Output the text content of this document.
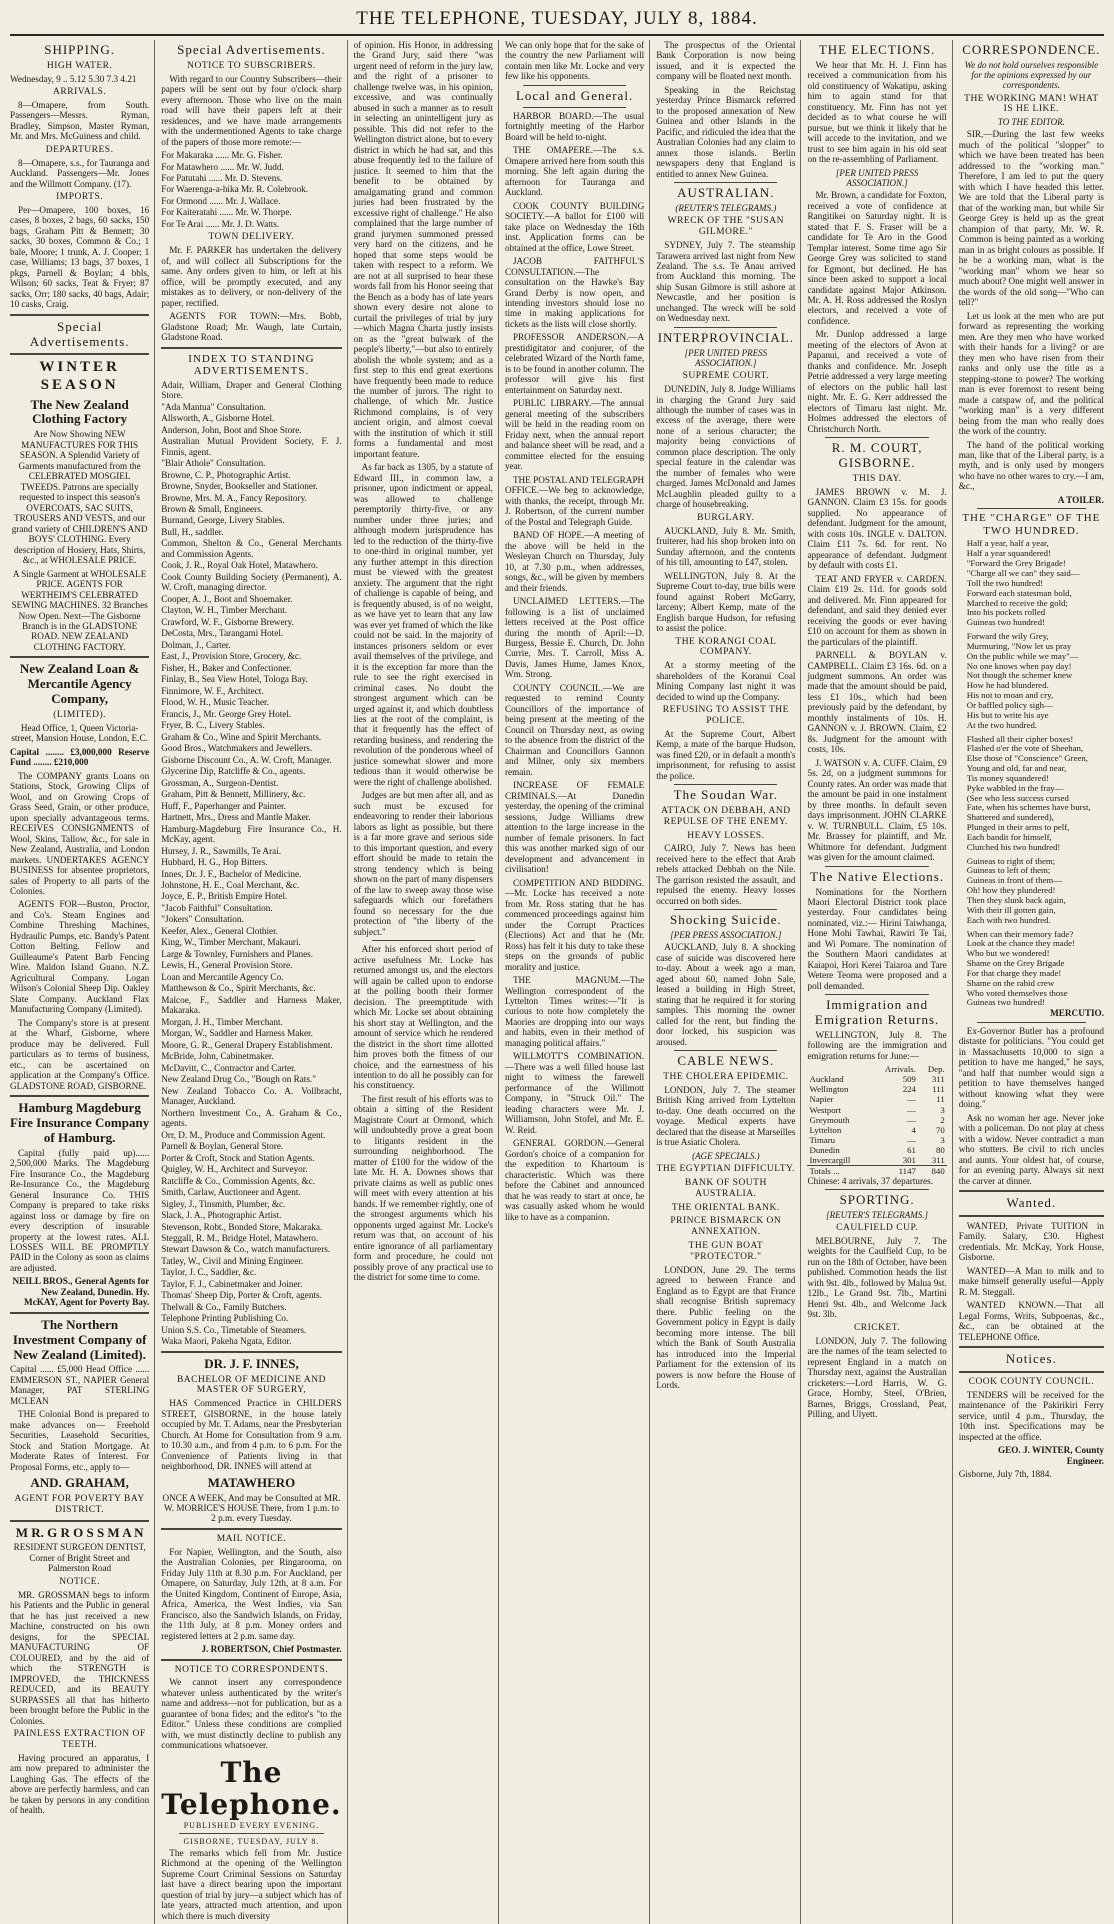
THE TELEPHONE, TUESDAY, JULY 8, 1884.
SHIPPING.
HIGH WATER.

Wednesday, 9 .. 5.12 5.30 7.3 4.21

ARRIVALS.

8—Omapere, from South. Passengers—Messrs. Ryman, Bradley, Simpson, Master Ryman, Mr. and Mrs. McGuiness and child.

DEPARTURES.

8—Omapere, s.s., for Tauranga and Auckland. Passengers—Mr. Jones and the Willmott Company. (17).

IMPORTS.

Per—Omapere, 100 boxes, 16 cases, 8 boxes, 2 bags, 60 sacks, 150 bags, Graham Pitt & Bennett; 30 sacks, 30 boxes, Common & Co.; 1 bale, Moore; 1 trunk, A. J. Cooper; 1 case, Williams; 13 bags, 37 boxes, 1 pkgs, Parnell & Boylan; 4 bbls, Wilson; 60 sacks, Teat & Fryer; 87 sacks, Orr; 180 sacks, 40 bags, Adair; 10 casks, Craig.

Special Advertisements.
WINTER SEASON
The New Zealand Clothing Factory

Are Now Showing NEW MANUFACTURES FOR THIS SEASON. A Splendid Variety of Garments manufactured from the CELEBRATED MOSGIEL TWEEDS. Patrons are specially requested to inspect this season's OVERCOATS, SAC SUITS, TROUSERS AND VESTS, and our grand variety of CHILDREN'S AND BOYS' CLOTHING. Every description of Hosiery, Hats, Shirts, &c., at WHOLESALE PRICE.

A Single Garment at WHOLESALE PRICE. AGENTS FOR WERTHEIM'S CELEBRATED SEWING MACHINES. 32 Branches Now Open. Next—The Gisborne Branch is in the GLADSTONE ROAD. NEW ZEALAND CLOTHING FACTORY.

New Zealand Loan & Mercantile Agency Company,
(LIMITED).

Head Office, 1, Queen Victoria-street, Mansion House, London, E.C.

Capital ........ £3,000,000 Reserve Fund ........ £210,000

The COMPANY grants Loans on Stations, Stock, Growing Clips of Wool, and on Growing Crops of Grass Seed, Grain, or other produce, upon specially advantageous terms. RECEIVES CONSIGNMENTS of Wool, Skins, Tallow, &c., for sale in New Zealand, Australia, and London markets. UNDERTAKES AGENCY BUSINESS for absentee proprietors, sales of Property to all parts of the Colonies.

AGENTS FOR—Buston, Proctor, and Co's. Steam Engines and Combine Threshing Machines, Hydraulic Pumps, etc. Bandy's Patent Cotton Belting. Fellow and Guilleaume's Patent Barb Fencing Wire. Maldon Island Guano. N.Z. Agricultural Company. Logan Wilson's Colonial Sheep Dip. Oakley Slate Company. Auckland Flax Manufacturing Company (Limited).

The Company's store is at present at the Wharf, Gisborne, where produce may be delivered. Full particulars as to terms of business, etc., can be ascertained on application at the Company's Office. GLADSTONE ROAD, GISBORNE.

Hamburg Magdeburg Fire Insurance Company of Hamburg.

Capital (fully paid up)...... 2,500,000 Marks. The Magdeburg Fire Insurance Co., the Magdeburg Re-Insurance Co., the Magdeburg General Insurance Co. THIS Company is prepared to take risks against loss or damage by fire on every description of insurable property at the lowest rates. ALL LOSSES WILL BE PROMPTLY PAID in the Colony as soon as claims are adjusted.

NEILL BROS., General Agents for New Zealand, Dunedin. Hy. McKAY, Agent for Poverty Bay.

The Northern Investment Company of New Zealand (Limited).

Capital ...... £5,000 Head Office ...... EMMERSON ST., NAPIER General Manager, PAT STERLING MCLEAN

THE Colonial Bond is prepared to make advances on— Freehold Securities, Leasehold Securities, Stock and Station Mortgage. At Moderate Rates of Interest. For Proposal Forms, etc., apply to—

AND. GRAHAM,
AGENT FOR POVERTY BAY DISTRICT.
M R. G R O S S M A N

RESIDENT SURGEON DENTIST, Corner of Bright Street and Palmerston Road

NOTICE.

MR. GROSSMAN begs to inform his Patients and the Public in general that he has just received a new Machine, constructed on his own designs, for the SPECIAL MANUFACTURING OF COLOURED, and by the aid of which the STRENGTH is IMPROVED, the THICKNESS REDUCED, and its BEAUTY SURPASSES all that has hitherto been brought before the Public in the Colonies.

PAINLESS EXTRACTION OF TEETH.

Having procured an apparatus, I am now prepared to administer the Laughing Gas. The effects of the above are perfectly harmless, and can be taken by persons in any condition of health.

Special Advertisements.
NOTICE TO SUBSCRIBERS.

With regard to our Country Subscribers—their papers will be sent out by four o'clock sharp every afternoon. Those who live on the main road will have their papers left at their residences, and we have made arrangements with the undermentioned Agents to take charge of the papers of those more remote:—

For Makaraka ...... Mr. G. Fisher.
For Matawhero ...... Mr. W. Judd.
For Patutahi ...... Mr. D. Stevens.
For Waerenga-a-hika Mr. R. Colebrook.
For Ormond ...... Mr. J. Wallace.
For Kaiteratahi ...... Mr. W. Thorpe.
For Te Arai ...... Mr. J. D. Watts.
TOWN DELIVERY.

Mr. F. PARKER has undertaken the delivery of, and will collect all Subscriptions for the same. Any orders given to him, or left at his office, will be promptly executed, and any mistakes as to delivery, or non-delivery of the paper, rectified.

AGENTS FOR TOWN:—Mrs. Bobb, Gladstone Road; Mr. Waugh, late Curtain, Gladstone Road.

INDEX TO STANDING ADVERTISEMENTS.
Adair, William, Draper and General Clothing Store.
"Ada Mantua" Consultation.
Allsworth, A., Gisborne Hotel.
Anderson, John, Boot and Shoe Store.
Australian Mutual Provident Society, F. J. Finnis, agent.
"Blair Athole" Consultation.
Browne, C. P., Photographic Artist.
Browne, Snyder, Bookseller and Stationer.
Browne, Mrs. M. A., Fancy Repository.
Brown & Small, Engineers.
Burnand, George, Livery Stables.
Bull, H., saddler.
Common, Shelton & Co., General Merchants and Commission Agents.
Cook, J. R., Royal Oak Hotel, Matawhero.
Cook County Building Society (Permanent), A. W. Croft, managing director.
Cooper, A. J., Boot and Shoemaker.
Clayton, W. H., Timber Merchant.
Crawford, W. F., Gisborne Brewery.
DeCosta, Mrs., Tarangami Hotel.
Dolman, J., Carter.
East, J., Provision Store, Grocery, &c.
Fisher, H., Baker and Confectioner.
Finlay, B., Sea View Hotel, Tologa Bay.
Finnimore, W. F., Architect.
Flood, W. H., Music Teacher.
Francis, J., Mr. George Grey Hotel.
Fryer, B. C., Livery Stables.
Graham & Co., Wine and Spirit Merchants.
Good Bros., Watchmakers and Jewellers.
Gisborne Discount Co., A. W. Croft, Manager.
Glycerine Dip, Ratcliffe & Co., agents.
Grossman, A., Surgeon-Dentist.
Graham, Pitt & Bennett, Millinery, &c.
Huff, F., Paperhanger and Painter.
Hartnett, Mrs., Dress and Mantle Maker.
Hamburg-Magdeburg Fire Insurance Co., H. McKay, agent.
Hursey, J. R., Sawmills, Te Arai.
Hubbard, H. G., Hop Bitters.
Innes, Dr. J. F., Bachelor of Medicine.
Johnstone, H. E., Coal Merchant, &c.
Joyce, E. P., British Empire Hotel.
"Jacob Faithful" Consultation.
"Jokers" Consultation.
Keefer, Alex., General Clothier.
King, W., Timber Merchant, Makauri.
Large & Townley, Furnishers and Planes.
Lewis, H., General Provision Store.
Loan and Mercantile Agency Co.
Matthewson & Co., Spirit Merchants, &c.
Malcoe, F., Saddler and Harness Maker, Makaraka.
Morgan, J. H., Timber Merchant.
Morgan, W., Saddler and Harness Maker.
Moore, G. R., General Drapery Establishment.
McBride, John, Cabinetmaker.
McDavitt, C., Contractor and Carter.
New Zealand Drug Co., "Bough on Rats."
New Zealand Tobacco Co. A. Vollbracht, Manager, Auckland.
Northern Investment Co., A. Graham & Co., agents.
Orr, D. M., Produce and Commission Agent.
Parnell & Boylan, General Store.
Porter & Croft, Stock and Station Agents.
Quigley, W. H., Architect and Surveyor.
Ratcliffe & Co., Commission Agents, &c.
Smith, Carlaw, Auctioneer and Agent.
Sigley, J., Tinsmith, Plumber, &c.
Slack, J. A., Photographic Artist.
Stevenson, Robt., Bonded Store, Makaraka.
Steggall, R. M., Bridge Hotel, Matawhero.
Stewart Dawson & Co., watch manufacturers.
Tatley, W., Civil and Mining Engineer.
Taylor, J. C., Saddler, &c.
Taylor, F. J., Cabinetmaker and Joiner.
Thomas' Sheep Dip, Porter & Croft, agents.
Thelwall & Co., Family Butchers.
Telephone Printing Publishing Co.
Union S.S. Co., Timetable of Steamers.
Waka Maori, Pakeha Ngata, Editor.
DR. J. F. INNES,
BACHELOR OF MEDICINE AND MASTER OF SURGERY,

HAS Commenced Practice in CHILDERS STREET, GISBORNE, in the house lately occupied by Mr. T. Adams, near the Presbyterian Church. At Home for Consultation from 9 a.m. to 10.30 a.m., and from 4 p.m. to 6 p.m. For the Convenience of Patients living in that neighborhood, DR. INNES will attend at

MATAWHERO

ONCE A WEEK, And may be Consulted at MR. W. MORRICE'S HOUSE There, from 1 p.m. to 2 p.m. every Tuesday.

MAIL NOTICE.

For Napier, Wellington, and the South, also the Australian Colonies, per Ringarooma, on Friday July 11th at 8.30 p.m. For Auckland, per Omapere, on Saturday, July 12th, at 8 a.m. For the United Kingdom, Continent of Europe, Asia, Africa, America, the West Indies, via San Francisco, also the Sandwich Islands, on Friday, the 11th July, at 8 p.m. Money orders and registered letters at 2 p.m. same day.

J. ROBERTSON, Chief Postmaster.

NOTICE TO CORRESPONDENTS.

We cannot insert any correspondence whatever unless authenticated by the writer's name and address—not for publication, but as a guarantee of bona fides; and the editor's "to the Editor." Unless these conditions are complied with, we must distinctly decline to publish any communications whatsoever.

The Telephone.
PUBLISHED EVERY EVENING.
GISBORNE, TUESDAY, JULY 8.

The remarks which fell from Mr. Justice Richmond at the opening of the Wellington Supreme Court Criminal Sessions on Saturday last have a direct bearing upon the important question of trial by jury—a subject which has of late years, attracted much attention, and upon which there is much diversity

of opinion. His Honor, in addressing the Grand Jury, said there "was urgent need of reform in the jury law, and the right of a prisoner to challenge twelve was, in his opinion, excessive, and was continually abused in such a manner as to result in selecting an unintelligent jury as possible. This did not refer to the Wellington district alone, but to every district in which he had sat, and this abuse frequently led to the failure of justice. It seemed to him that the benefit to be obtained by amalgamating grand and common juries had been frustrated by the excessive right of challenge." He also complained that the large number of grand jurymen summoned pressed very hard on the citizens, and he hoped that some steps would be taken with respect to a reform. We are not at all surprised to hear these words fall from his Honor seeing that the Bench as a body has of late years shown every desire not alone to curtail the privileges of trial by jury—which Magna Charta justly insists on as the "great bulwark of the people's liberty,"—but also to entirely abolish the whole system; and as a first step to this end great exertions have frequently been made to reduce the number of jurors. The right to challenge, of which Mr. Justice Richmond complains, is of very ancient origin, and almost coeval with the institution of which it still forms a fundamental and most important feature.

As far back as 1305, by a statute of Edward III., in common law, a prisoner, upon indictment or appeal, was allowed to challenge peremptorily thirty-five, or any number under three juries; and although modern jurisprudence has led to the reduction of the thirty-five to one-third in original number, yet any further attempt in this direction must be viewed with the greatest anxiety. The argument that the right of challenge is capable of being, and is frequently abused, is of no weight, as we have yet to learn that any law was ever yet framed of which the like could not be said. In the majority of instances prisoners seldom or ever avail themselves of the privilege, and it is the exception far more than the rule to see the right exercised in criminal cases. No doubt the strongest argument which can be urged against it, and which doubtless lies at the root of the complaint, is that it frequently has the effect of retarding business, and rendering the revolution of the ponderous wheel of justice somewhat slower and more tedious than it would otherwise be were the right of challenge abolished.

Judges are but men after all, and as such must be excused for endeavoring to render their laborious labors as light as possible, but there is a far more grave and serious side to this important question, and every effort should be made to retain the strong tendency which is being shown on the part of many dispensers of the law to sweep away those wise safeguards which our forefathers found so necessary for the due protection of "the liberty of the subject."

After his enforced short period of active usefulness Mr. Locke has returned amongst us, and the electors will again be called upon to endorse at the polling booth their former decision. The preemptitude with which Mr. Locke set about obtaining his short stay at Wellington, and the amount of service which he rendered the district in the short time allotted him proves both the fitness of our choice, and the earnestness of his intention to do all he possibly can for his constituency.

The first result of his efforts was to obtain a sitting of the Resident Magistrate Court at Ormond, which will undoubtedly prove a great boon to litigants resident in the surrounding neighborhood. The matter of £100 for the widow of the late Mr. H. A. Downes shows that private claims as well as public ones will meet with every attention at his hands. If we remember rightly, one of the strongest arguments which his opponents urged against Mr. Locke's return was that, on account of his entire ignorance of all parliamentary form and procedure, he could not possibly prove of any practical use to the district for some time to come.

We can only hope that for the sake of the country the new Parliament will contain men like Mr. Locke and very few like his opponents.

Local and General.

HARBOR BOARD.—The usual fortnightly meeting of the Harbor Board will be held to-night.

THE OMAPERE.—The s.s. Omapere arrived here from south this morning. She left again during the afternoon for Tauranga and Auckland.

COOK COUNTY BUILDING SOCIETY.—A ballot for £100 will take place on Wednesday the 16th inst. Application forms can be obtained at the office, Lowe Street.

JACOB FAITHFUL'S CONSULTATION.—The consultation on the Hawke's Bay Grand Derby is now open, and intending investors should lose no time in making applications for tickets as the lists will close shortly.

PROFESSOR ANDERSON.—A prestidigitator and conjurer, of the celebrated Wizard of the North fame, is to be found in another column. The professor will give his first entertainment on Saturday next.

PUBLIC LIBRARY.—The annual general meeting of the subscribers will be held in the reading room on Friday next, when the annual report and balance sheet will be read, and a committee elected for the ensuing year.

THE POSTAL AND TELEGRAPH OFFICE.—We beg to acknowledge, with thanks, the receipt, through Mr. J. Robertson, of the current number of the Postal and Telegraph Guide.

BAND OF HOPE.—A meeting of the above will be held in the Wesleyan Church on Thursday, July 10, at 7.30 p.m., when addresses, songs, &c., will be given by members and their friends.

UNCLAIMED LETTERS.—The following is a list of unclaimed letters received at the Post office during the month of April:—D. Burgess, Bessie E. Church, Dr. John Currie, Mrs. T. Carroll, Miss A. Davis, James Hume, James Knox, Wm. Strong.

COUNTY COUNCIL.—We are requested to remind County Councillors of the importance of being present at the meeting of the Council on Thursday next, as owing to the absence from the district of the Chairman and Councillors Gannon and Milner, only six members remain.

INCREASE OF FEMALE CRIMINALS.—At Dunedin yesterday, the opening of the criminal sessions, Judge Williams drew attention to the large increase in the number of female prisoners. In fact this was another marked sign of our development and advancement in civilisation!

COMPETITION AND BIDDING.—Mr. Locke has received a note from Mr. Ross stating that he has commenced proceedings against him under the Corrupt Practices (Elections) Act and that he (Mr. Ross) has felt it his duty to take these steps on the grounds of public morality and justice.

THE MAGNUM.—The Wellington correspondent of the Lyttelton Times writes:—"It is curious to note how completely the Maories are dropping into our ways and habits, even in their method of managing political affairs."

WILLMOTT'S COMBINATION.—There was a well filled house last night to witness the farewell performance of the Willmott Company, in "Struck Oil." The leading characters were Mr. J. Williamson, John Stofel, and Mr. E. W. Reid.

GENERAL GORDON.—General Gordon's choice of a companion for the expedition to Khartoum is characteristic. Which was there before the Cabinet and announced that he was ready to start at once, he was casually asked whom he would like to have as a companion.

The prospectus of the Oriental Bank Corporation is now being issued, and it is expected the company will be floated next month.

Speaking in the Reichstag yesterday Prince Bismarck referred to the proposed annexation of New Guinea and other Islands in the Pacific, and ridiculed the idea that the Australian Colonies had any claim to annex those islands. Berlin newspapers deny that England is entitled to annex New Guinea.

AUSTRALIAN.
(REUTER'S TELEGRAMS.)
WRECK OF THE "SUSAN GILMORE."

SYDNEY, July 7. The steamship Tarawera arrived last night from New Zealand. The s.s. Te Anau arrived from Auckland this morning. The ship Susan Gilmore is still ashore at Newcastle, and her position is unchanged. The wreck will be sold on Wednesday next.

INTERPROVINCIAL.
[PER UNITED PRESS ASSOCIATION.]
SUPREME COURT.

DUNEDIN, July 8. Judge Williams in charging the Grand Jury said although the number of cases was in excess of the average, there were none of a serious character; the majority being convictions of common place description. The only special feature in the calendar was the number of females who were charged. James McDonald and James McLaughlin pleaded guilty to a charge of housebreaking.

BURGLARY.

AUCKLAND, July 8. Mr. Smith, fruiterer, had his shop broken into on Sunday afternoon, and the contents of his till, amounting to £47, stolen.

WELLINGTON, July 8. At the Supreme Court to-day, true bills were found against Robert McGarry, larceny; Albert Kemp, mate of the English barque Hudson, for refusing to assist the police.

THE KORANGI COAL COMPANY.

At a stormy meeting of the shareholders of the Koranui Coal Mining Company last night it was decided to wind up the Company.

REFUSING TO ASSIST THE POLICE.

At the Supreme Court, Albert Kemp, a mate of the barque Hudson, was fined £20, or in default a month's imprisonment, for refusing to assist the police.

The Soudan War.
ATTACK ON DEBBAH, AND REPULSE OF THE ENEMY.
HEAVY LOSSES.

CAIRO, July 7. News has been received here to the effect that Arab rebels attacked Debbah on the Nile. The garrison resisted the assault, and repulsed the enemy. Heavy losses occurred on both sides.

Shocking Suicide.
[PER PRESS ASSOCIATION.]

AUCKLAND, July 8. A shocking case of suicide was discovered here to-day. About a week ago a man, aged about 60, named John Sale, leased a building in High Street, stating that he required it for storing samples. This morning the owner called for the rent, but finding the door locked, his suspicion was aroused.

CABLE NEWS.
THE CHOLERA EPIDEMIC.

LONDON, July 7. The steamer British King arrived from Lyttelton to-day. One death occurred on the voyage. Medical experts have declared that the disease at Marseilles is true Asiatic Cholera.

(AGE SPECIALS.)
THE EGYPTIAN DIFFICULTY.
BANK OF SOUTH AUSTRALIA.
THE ORIENTAL BANK.
PRINCE BISMARCK ON ANNEXATION.
THE GUN BOAT "PROTECTOR."

LONDON, June 29. The terms agreed to between France and England as to Egypt are that France shall recognise British supremacy there. Public feeling on the Government policy in Egypt is daily becoming more intense. The bill which the Bank of South Australia has introduced into the Imperial Parliament for the extension of its powers is now before the House of Lords.

THE ELECTIONS.

We hear that Mr. H. J. Finn has received a communication from his old constituency of Wakatipu, asking him to again stand for that constituency. Mr. Finn has not yet decided as to what course he will pursue, but we think it likely that he will accede to the invitation, and we trust to see him again in his old seat on the re-assembling of Parliament.

[PER UNITED PRESS ASSOCIATION.]

Mr. Brown, a candidate for Foxton, received a vote of confidence at Rangitikei on Saturday night. It is stated that F. S. Fraser will be a candidate for Te Aro in the Good Templar interest. Some time ago Sir George Grey was solicited to stand for Egmont, but declined. He has since been asked to support a local candidate against Major Atkinson. Mr. A. H. Ross addressed the Roslyn electors, and received a vote of confidence.

Mr. Dunlop addressed a large meeting of the electors of Avon at Papanui, and received a vote of thanks and confidence. Mr. Joseph Petrie addressed a very large meeting of electors on the public hall last night. Mr. E. G. Kerr addressed the electors of Timaru last night. Mr. Holmes addressed the electors of Christchurch North.

R. M. COURT, GISBORNE.
THIS DAY.

JAMES BROWN v. M. J. GANNON. Claim £3 15s. for goods supplied. No appearance of defendant. Judgment for the amount, with costs 10s. INGLE v. DALTON. Claim £11 7s. 6d. for rent. No appearance of defendant. Judgment by default with costs £1.

TEAT AND FRYER v. CARDEN. Claim £19 2s. 11d. for goods sold and delivered. Mr. Finn appeared for defendant, and said they denied ever receiving the goods or ever having £10 on account for them as shown in the particulars of the plaintiff.

PARNELL & BOYLAN v. CAMPBELL. Claim £3 16s. 6d. on a judgment summons. An order was made that the amount should be paid, less £1 10s., which had been previously paid by the defendant, by monthly instalments of 10s. H. GANNON v. J. BROWN. Claim, £2 8s. Judgment for the amount with costs, 10s.

J. WATSON v. A. CUFF. Claim, £9 5s. 2d, on a judgment summons for County rates. An order was made that the amount be paid in one instalment by three months. In default seven days imprisonment. JOHN CLARKE v. W. TURNBULL. Claim, £5 10s. Mr. Brassey for plaintiff, and Mr. Whitmore for defendant. Judgment was given for the amount claimed.

The Native Elections.

Nominations for the Northern Maori Electoral District took place yesterday. Four candidates being nominated, viz.:— Hirini Taiwhanga, Hone Mohi Tawhai, Rawiri Te Tai, and Wi Pomare. The nomination of the Southern Maori candidates at Kaiapoi, Hori Kerei Taiaroa and Tare Wetere Teoma were proposed and a poll demanded.

Immigration and Emigration Returns.

WELLINGTON, July 8. The following are the immigration and emigration returns for June:—

	Arrivals.	Dep.
Auckland	509	311
Wellington	224	111
Napier	—	11
Westport	—	3
Greymouth	—	2
Lyttelton	4	70
Timaru	—	3
Dunedin	61	80
Invercargill	301	311
Totals ...	1147	840

Chinese: 4 arrivals, 37 departures.

SPORTING.
[REUTER'S TELEGRAMS.]
CAULFIELD CUP.

MELBOURNE, July 7. The weights for the Caulfield Cup, to be run on the 18th of October, have been published. Commotion heads the list with 9st. 4lb., followed by Malua 9st. 12lb., Le Grand 9st. 7lb., Martini Henri 9st. 4lb., and Welcome Jack 9st. 3lb.

CRICKET.

LONDON, July 7. The following are the names of the team selected to represent England in a match on Thursday next, against the Australian cricketers:—Lord Harris, W. G. Grace, Hornby, Steel, O'Brien, Barnes, Briggs, Crossland, Peat, Pilling, and Ulyett.

CORRESPONDENCE.
We do not hold ourselves responsible for the opinions expressed by our correspondents.
THE WORKING MAN! WHAT IS HE LIKE.
TO THE EDITOR.

SIR,—During the last few weeks much of the political "slopper" to which we have been treated has been addressed to the "working man." Therefore, I am led to put the query with which I have headed this letter. We are told that the Liberal party is that of the working man, but while Sir George Grey is held up as the great champion of that party, Mr. W. R. Common is being painted as a working man in as bright colours as possible. If he be a working man, what is the "working man" whom we hear so much about? One might well answer in the words of the old song—"Who can tell?"

Let us look at the men who are put forward as representing the working men. Are they men who have worked with their hands for a living? or are they men who have risen from their ranks and only use the title as a stepping-stone to power? The working man is ever foremost to resent being made a catspaw of, and the political "working man" is a very different being from the man who really does the work of the country.

The hand of the political working man, like that of the Liberal party, is a myth, and is only used by mongers who have no other wares to cry.—I am, &c.,

A TOILER.

THE "CHARGE" OF THE TWO HUNDRED.
Half a year, half a year,
Half a year squandered!
"Forward the Grey Brigade!
"Charge all we can" they said—
Toll the two hundred!
Forward each statesman bold,
Marched to receive the gold;
Into his pockets rolled
Guineas two hundred!
Forward the wily Grey,
Murmuring, "Now let us pray
On the public while we may"—
No one knows when pay day!
Not though the schemer knew
How he had blundered.
His not to moan and cry,
Or baffled policy sigh—
His but to write his aye
At the two hundred.
Flashed all their cipher boxes!
Flashed o'er the vote of Sheehan,
Else those of "Conscience" Green,
Young and old, far and near,
Tis money squandered!
Pyke wabbled in the fray—
(See who less success cursed
Fate, when his schemes have burst,
Shattered and sundered),
Plunged in their arms to pelf,
Each bandit for himself,
Clutched his two hundred!
Guineas to right of them;
Guineas to left of them;
Guineas in front of them—
Oh! how they plundered!
Then they slunk back again,
With their ill gotten gain,
Each with two hundred.
When can their memory fade?
Look at the chance they made!
Who but we wondered!
Shame on the Grey Brigade
For that charge they made!
Shame on the rabid crew
Who voted themselves those
Guineas two hundred!

MERCUTIO.

Ex-Governor Butler has a profound distaste for politicians. "You could get in Massachusetts 10,000 to sign a petition to have me hanged," he says, "and half that number would sign a petition to have themselves hanged without knowing what they were doing."

Ask no woman her age. Never joke with a policeman. Do not play at chess with a widow. Never contradict a man who stutters. Be civil to rich uncles and aunts. Your oldest hat, of course, for an evening party. Always sit next the carver at dinner.

Wanted.

WANTED, Private TUITION in Family. Salary, £30. Highest credentials. Mr. McKay, York House, Gisborne.

WANTED—A Man to milk and to make himself generally useful—Apply R. M. Steggall.

WANTED KNOWN.—That all Legal Forms, Writs, Subpoenas, &c., &c., can be obtained at the TELEPHONE Office.

Notices.
COOK COUNTY COUNCIL.

TENDERS will be received for the maintenance of the Pakirikiri Ferry service, until 4 p.m., Thursday, the 10th inst. Specifications may be inspected at the office.

GEO. J. WINTER, County Engineer.

Gisborne, July 7th, 1884.
